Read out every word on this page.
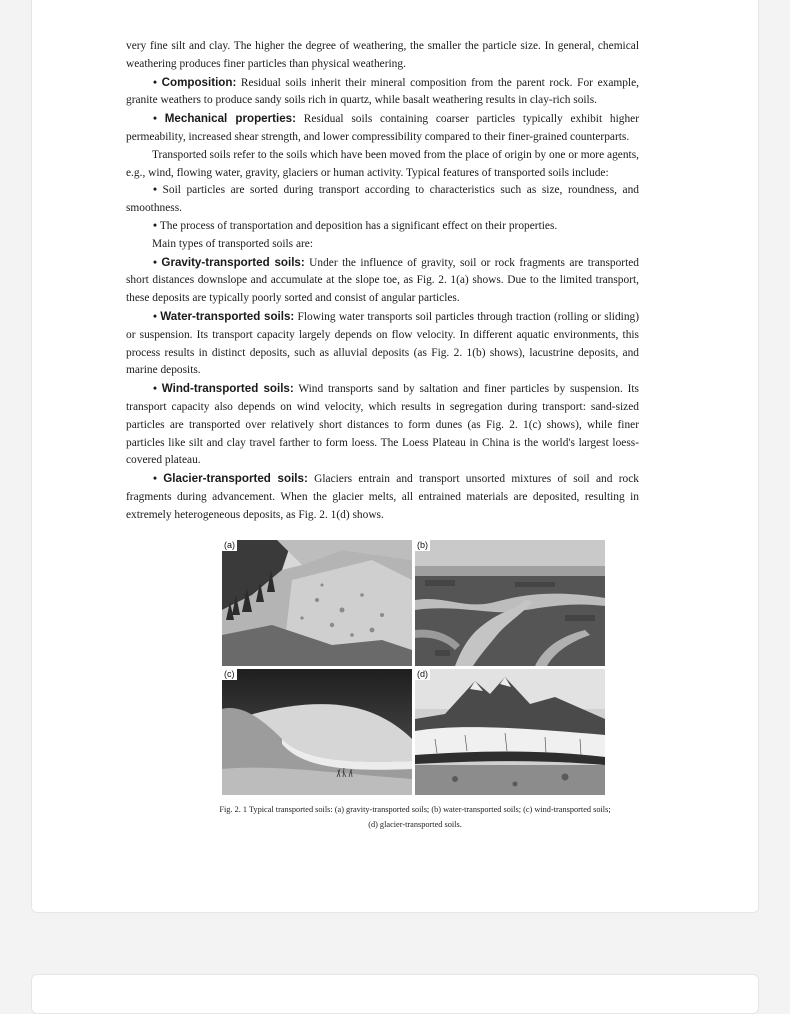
very fine silt and clay. The higher the degree of weathering, the smaller the particle size. In general, chemical weathering produces finer particles than physical weathering.

• Composition: Residual soils inherit their mineral composition from the parent rock. For example, granite weathers to produce sandy soils rich in quartz, while basalt weathering results in clay-rich soils.

• Mechanical properties: Residual soils containing coarser particles typically exhibit higher permeability, increased shear strength, and lower compressibility compared to their finer-grained counterparts.

Transported soils refer to the soils which have been moved from the place of origin by one or more agents, e.g., wind, flowing water, gravity, glaciers or human activity. Typical features of transported soils include:

• Soil particles are sorted during transport according to characteristics such as size, roundness, and smoothness.

• The process of transportation and deposition has a significant effect on their properties.

Main types of transported soils are:

• Gravity-transported soils: Under the influence of gravity, soil or rock fragments are transported short distances downslope and accumulate at the slope toe, as Fig. 2. 1(a) shows. Due to the limited transport, these deposits are typically poorly sorted and consist of angular particles.

• Water-transported soils: Flowing water transports soil particles through traction (rolling or sliding) or suspension. Its transport capacity largely depends on flow velocity. In different aquatic environments, this process results in distinct deposits, such as alluvial deposits (as Fig. 2. 1(b) shows), lacustrine deposits, and marine deposits.

• Wind-transported soils: Wind transports sand by saltation and finer particles by suspension. Its transport capacity also depends on wind velocity, which results in segregation during transport: sand-sized particles are transported over relatively short distances to form dunes (as Fig. 2. 1(c) shows), while finer particles like silt and clay travel farther to form loess. The Loess Plateau in China is the world's largest loess-covered plateau.

• Glacier-transported soils: Glaciers entrain and transport unsorted mixtures of soil and rock fragments during advancement. When the glacier melts, all entrained materials are deposited, resulting in extremely heterogeneous deposits, as Fig. 2. 1(d) shows.

(a)	(b)
(c)	(d)
Fig. 2. 1 Typical transported soils: (a) gravity-transported soils; (b) water-transported soils; (c) wind-transported soils;
(d) glacier-transported soils.
